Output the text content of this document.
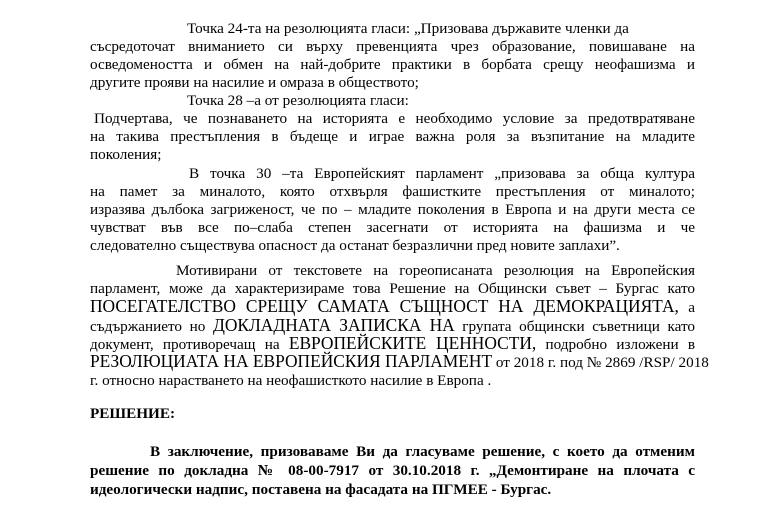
Точка 24-та на резолюцията гласи: „Призовава държавите членки да
съсредоточат вниманието си върху превенцията чрез образование, повишаване на
осведомеността и обмен на най-добрите практики в борбата срещу неофашизма и
другите прояви на насилие и омраза в обществото;
Точка 28 –а от резолюцията гласи:
Подчертава, че познаването на историята е необходимо условие за предотвратяване
на такива престъпления в бъдеще и играе важна роля за възпитание на младите
поколения;
В точка 30 –та Европейският парламент „призовава за обща култура
на памет за миналото, която отхвърля фашистките престъпления от миналото;
изразява дълбока загриженост, че по – младите поколения в Европа и на други места се
чувстват във все по–слаба степен засегнати от историята на фашизма и че
следователно съществува опасност да останат безразлични пред новите заплахи”.
Мотивирани от текстовете на гореописаната резолюция на Европейския
парламент, може да характеризираме това Решение на Общински съвет – Бургас като
ПОСЕГАТЕЛСТВО СРЕЩУ САМАТА СЪЩНОСТ НА ДЕМОКРАЦИЯТА, а
съдържанието но ДОКЛАДНАТА ЗАПИСКА НА групата общински съветници като
документ, противоречащ на ЕВРОПЕЙСКИТЕ ЦЕННОСТИ, подробно изложени в
РЕЗОЛЮЦИАТА НА ЕВРОПЕЙСКИЯ ПАРЛАМЕНТ от 2018 г. под № 2869 /RSP/ 2018
г. относно нарастването на неофашисткото насилие в Европа .
РЕШЕНИЕ:
В заключение, призоваваме Ви да гласуваме решение, с което да отменим
решение по докладна № 08-00-7917 от 30.10.2018 г. „Демонтиране на плочата с
идеологически надпис, поставена на фасадата на ПГМЕЕ - Бургас.
